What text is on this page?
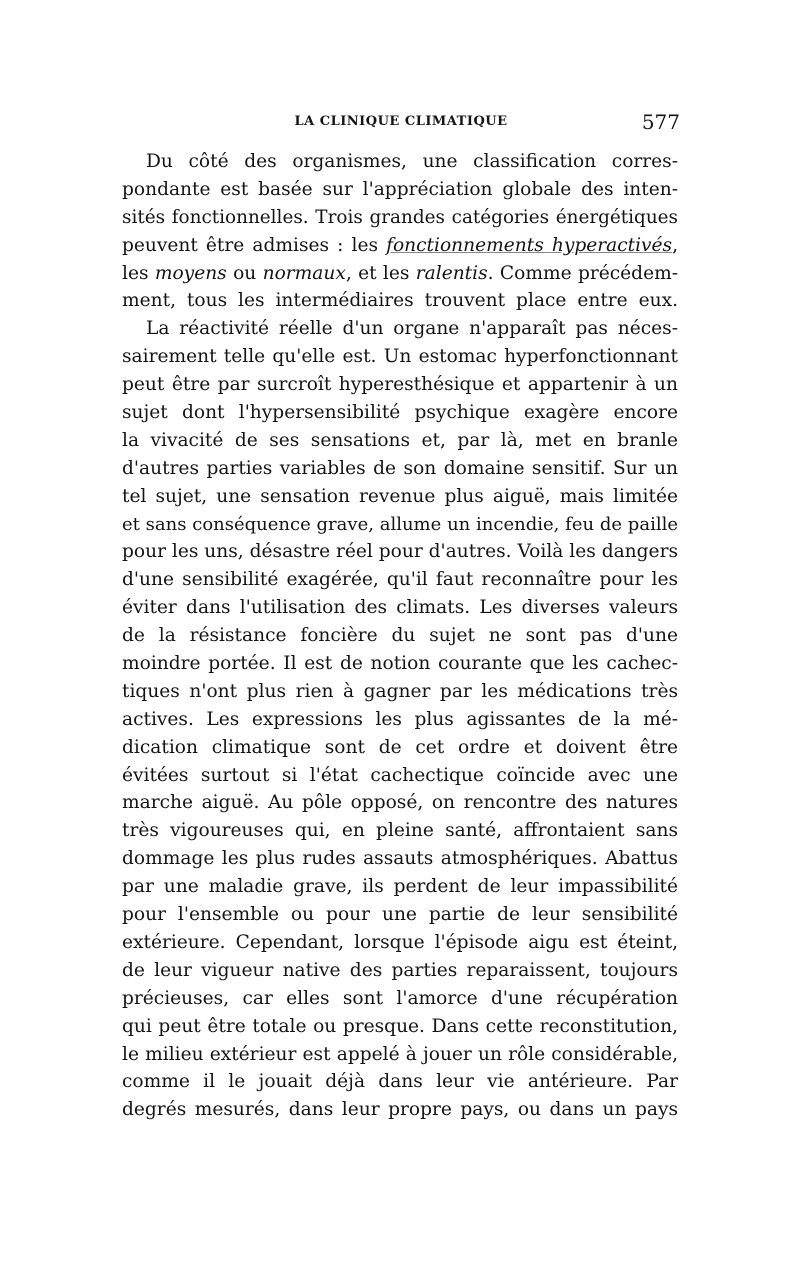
LA CLINIQUE CLIMATIQUE	577
Du côté des organismes, une classification corres-
pondante est basée sur l'appréciation globale des inten-
sités fonctionnelles. Trois grandes catégories énergétiques
peuvent être admises : les fonctionnements hyperactivés,
les moyens ou normaux, et les ralentis. Comme précédem-
ment, tous les intermédiaires trouvent place entre eux.
La réactivité réelle d'un organe n'apparaît pas néces-
sairement telle qu'elle est. Un estomac hyperfonctionnant
peut être par surcroît hyperesthésique et appartenir à un
sujet dont l'hypersensibilité psychique exagère encore
la vivacité de ses sensations et, par là, met en branle
d'autres parties variables de son domaine sensitif. Sur un
tel sujet, une sensation revenue plus aiguë, mais limitée
et sans conséquence grave, allume un incendie, feu de paille
pour les uns, désastre réel pour d'autres. Voilà les dangers
d'une sensibilité exagérée, qu'il faut reconnaître pour les
éviter dans l'utilisation des climats. Les diverses valeurs
de la résistance foncière du sujet ne sont pas d'une
moindre portée. Il est de notion courante que les cachec-
tiques n'ont plus rien à gagner par les médications très
actives. Les expressions les plus agissantes de la mé-
dication climatique sont de cet ordre et doivent être
évitées surtout si l'état cachectique coïncide avec une
marche aiguë. Au pôle opposé, on rencontre des natures
très vigoureuses qui, en pleine santé, affrontaient sans
dommage les plus rudes assauts atmosphériques. Abattus
par une maladie grave, ils perdent de leur impassibilité
pour l'ensemble ou pour une partie de leur sensibilité
extérieure. Cependant, lorsque l'épisode aigu est éteint,
de leur vigueur native des parties reparaissent, toujours
précieuses, car elles sont l'amorce d'une récupération
qui peut être totale ou presque. Dans cette reconstitution,
le milieu extérieur est appelé à jouer un rôle considérable,
comme il le jouait déjà dans leur vie antérieure. Par
degrés mesurés, dans leur propre pays, ou dans un pays
